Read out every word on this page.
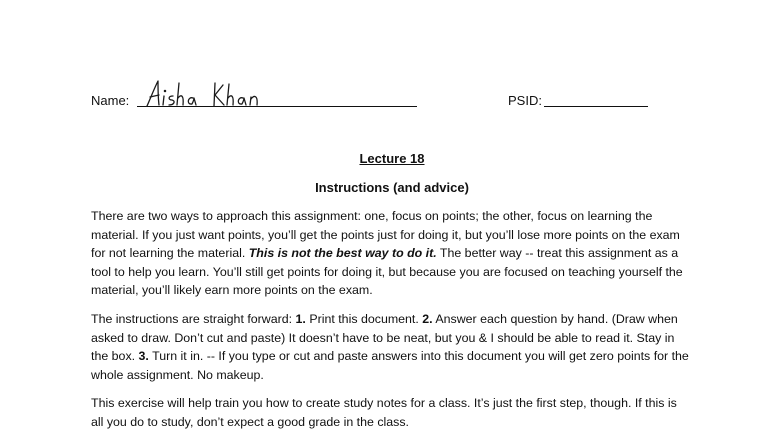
Name:	PSID:
Lecture 18
Instructions (and advice)

There are two ways to approach this assignment: one, focus on points; the other, focus on learning the material. If you just want points, you’ll get the points just for doing it, but you’ll lose more points on the exam for not learning the material. This is not the best way to do it. The better way -- treat this assignment as a tool to help you learn. You’ll still get points for doing it, but because you are focused on teaching yourself the material, you’ll likely earn more points on the exam.

The instructions are straight forward: 1. Print this document. 2. Answer each question by hand. (Draw when asked to draw. Don’t cut and paste) It doesn’t have to be neat, but you & I should be able to read it. Stay in the box. 3. Turn it in. -- If you type or cut and paste answers into this document you will get zero points for the whole assignment. No makeup.

This exercise will help train you how to create study notes for a class. It’s just the first step, though. If this is all you do to study, don’t expect a good grade in the class.
